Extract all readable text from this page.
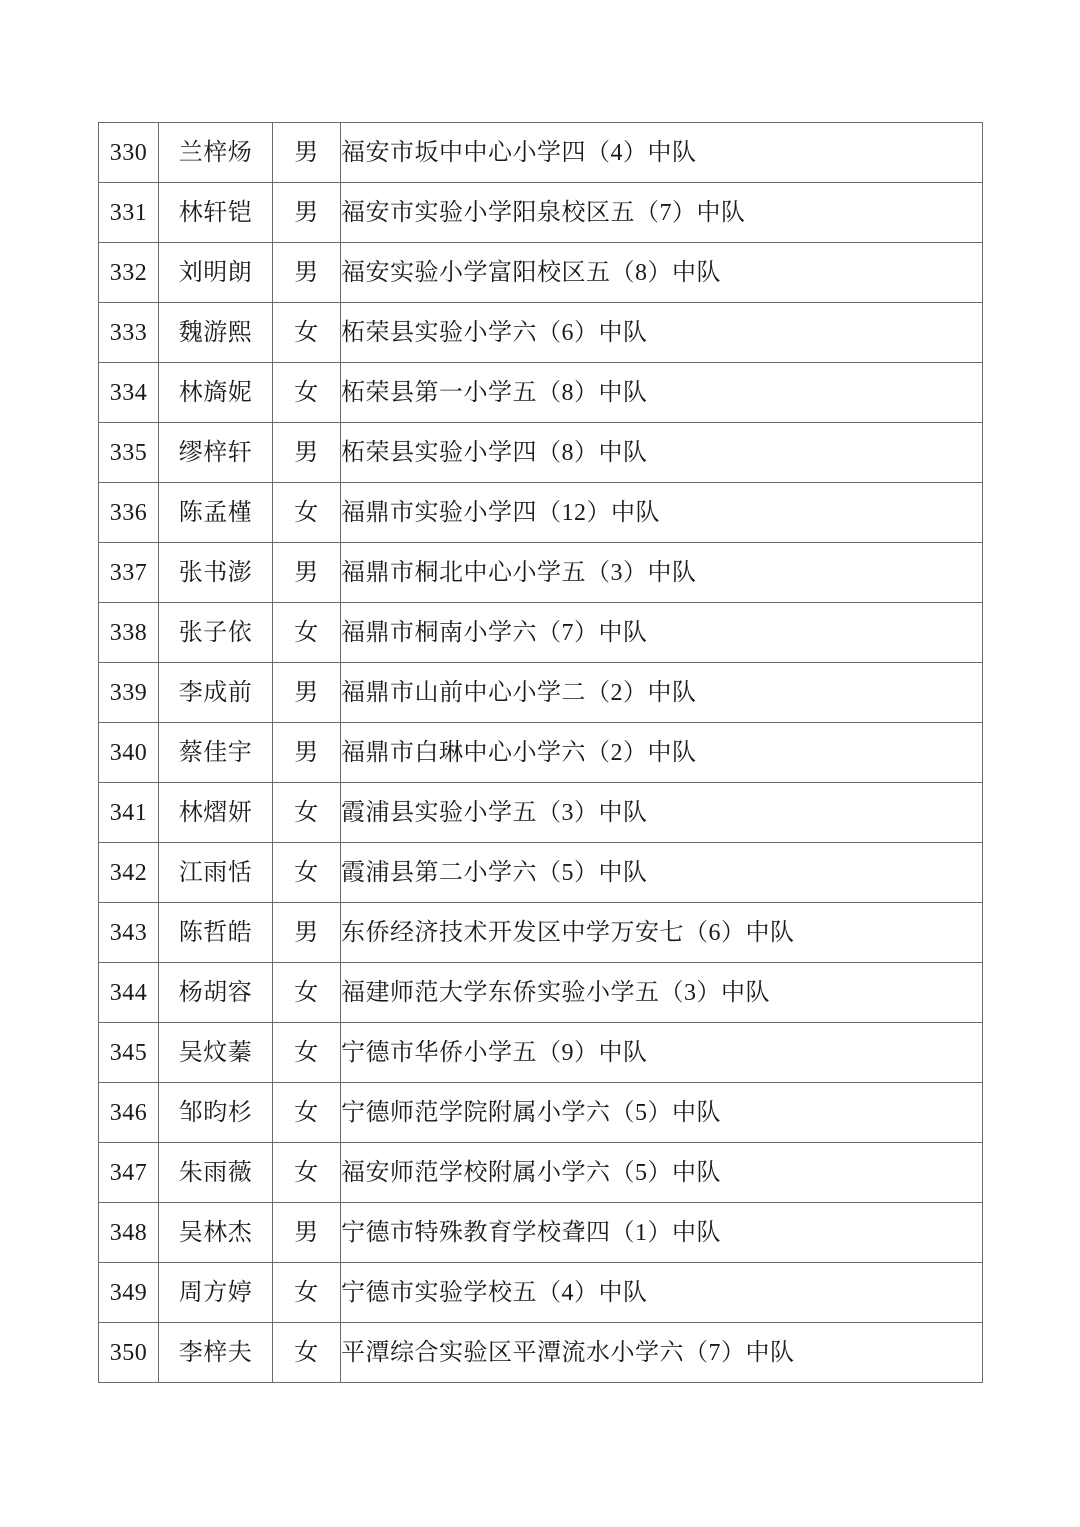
330	兰梓炀	男	福安市坂中中心小学四（4）中队
331	林轩铠	男	福安市实验小学阳泉校区五（7）中队
332	刘明朗	男	福安实验小学富阳校区五（8）中队
333	魏游熙	女	柘荣县实验小学六（6）中队
334	林旖妮	女	柘荣县第一小学五（8）中队
335	缪梓轩	男	柘荣县实验小学四（8）中队
336	陈孟槿	女	福鼎市实验小学四（12）中队
337	张书澎	男	福鼎市桐北中心小学五（3）中队
338	张子依	女	福鼎市桐南小学六（7）中队
339	李成前	男	福鼎市山前中心小学二（2）中队
340	蔡佳宇	男	福鼎市白琳中心小学六（2）中队
341	林熠妍	女	霞浦县实验小学五（3）中队
342	江雨恬	女	霞浦县第二小学六（5）中队
343	陈哲皓	男	东侨经济技术开发区中学万安七（6）中队
344	杨胡容	女	福建师范大学东侨实验小学五（3）中队
345	吴炆蓁	女	宁德市华侨小学五（9）中队
346	邹昀杉	女	宁德师范学院附属小学六（5）中队
347	朱雨薇	女	福安师范学校附属小学六（5）中队
348	吴林杰	男	宁德市特殊教育学校聋四（1）中队
349	周方婷	女	宁德市实验学校五（4）中队
350	李梓夫	女	平潭综合实验区平潭流水小学六（7）中队
